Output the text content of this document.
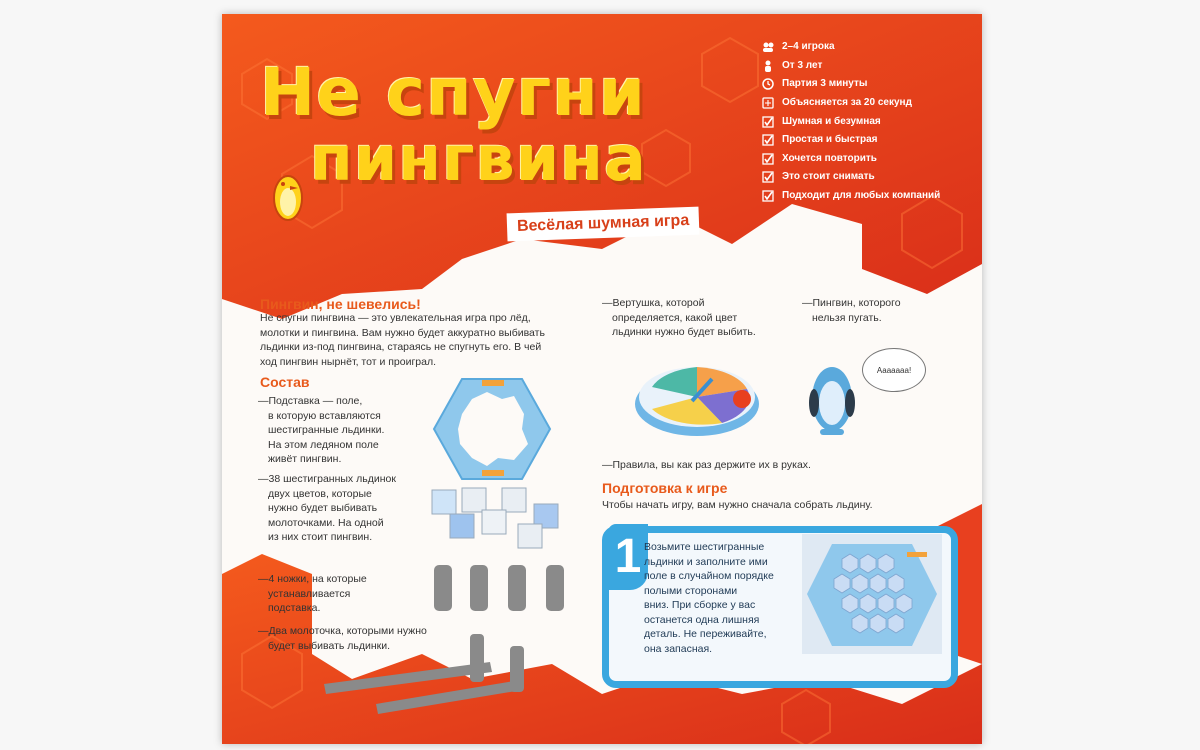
Не спугни
пингвина
Весёлая шумная игра
2–4 игрока
От 3 лет
Партия 3 минуты
Объясняется за 20 секунд
Шумная и безумная
Простая и быстрая
Хочется повторить
Это стоит снимать
Подходит для любых компаний
Пингвин, не шевелись!
Не спугни пингвина — это увлекательная игра про лёд,
молотки и пингвина. Вам нужно будет аккуратно выбивать
льдинки из-под пингвина, стараясь не спугнуть его. В чей
ход пингвин нырнёт, тот и проиграл.
Состав
— Подставка — поле,
в которую вставляются
шестигранные льдинки.
На этом ледяном поле
живёт пингвин.
— 38 шестигранных льдинок
двух цветов, которые
нужно будет выбивать
молоточками. На одной
из них стоит пингвин.
— 4 ножки, на которые
устанавливается
подставка.
— Два молоточка, которыми нужно
будет выбивать льдинки.
— Вертушка, которой
определяется, какой цвет
льдинки нужно будет выбить.
— Пингвин, которого
нельзя пугать.
Ааааааа!
— Правила, вы как раз держите их в руках.
Подготовка к игре
Чтобы начать игру, вам нужно сначала собрать льдину.
1 Возьмите шестигранные
льдинки и заполните ими
поле в случайном порядке
полыми сторонами
вниз. При сборке у вас
останется одна лишняя
деталь. Не переживайте,
она запасная.
